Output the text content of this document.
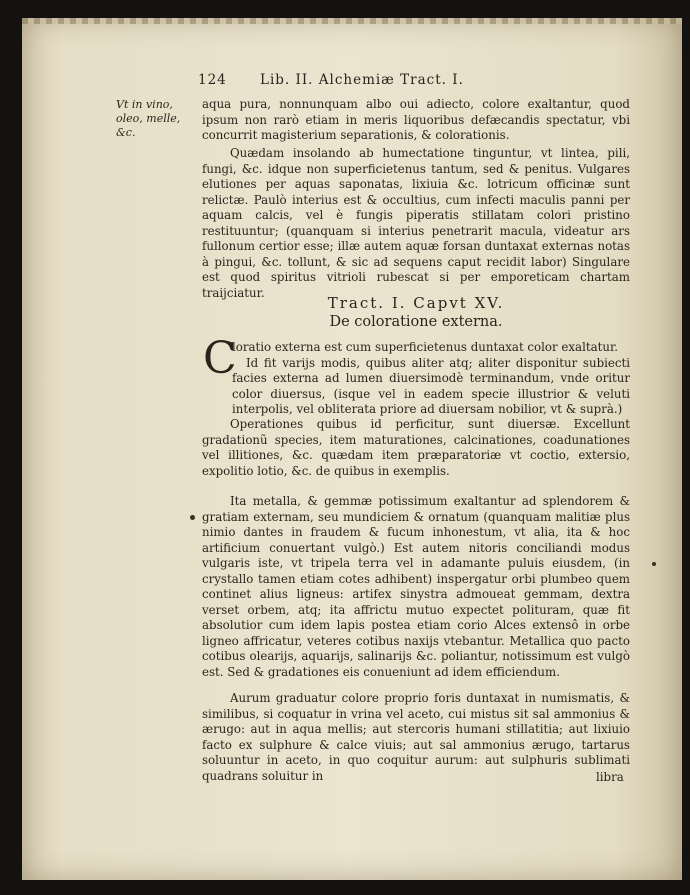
124 Lib. II. Alchemiæ Tract. I.
Vt in vino, oleo, melle, &c.

aqua pura, nonnunquam albo oui adiecto, colore exaltantur, quod ipsum non rarò etiam in meris liquoribus defæcandis spectatur, vbi concurrit magisterium separationis, & colorationis.

Quædam insolando ab humectatione tinguntur, vt lintea, pili, fungi, &c. idque non superficietenus tantum, sed & penitus. Vulgares elutiones per aquas saponatas, lixiuia &c. lotricum officinæ sunt relictæ. Paulò interius est & occultius, cum infecti maculis panni per aquam calcis, vel è fungis piperatis stillatam colori pristino restituuntur; (quanquam si interius penetrarit macula, videatur ars fullonum certior esse; illæ autem aquæ forsan duntaxat externas notas à pingui, &c. tollunt, & sic ad sequens caput recidit labor) Singulare est quod spiritus vitrioli rubescat si per emporeticam chartam traijciatur.

Tract. I. Capvt XV.
De coloratione externa.
C
loratio externa est cum superficietenus duntaxat color exaltatur.
Id fit varijs modis, quibus aliter atq; aliter disponitur subiecti facies externa ad lumen diuersimodè terminandum, vnde oritur color diuersus, (isque vel in eadem specie illustrior & veluti interpolis, vel obliterata priore ad diuersam nobilior, vt & suprà.)

Operationes quibus id perficitur, sunt diuersæ. Excellunt gradationũ species, item maturationes, calcinationes, coadunationes vel illitiones, &c. quædam item præparatoriæ vt coctio, extersio, expolitio lotio, &c. de quibus in exemplis.

Ita metalla, & gemmæ potissimum exaltantur ad splendorem & gratiam externam, seu mundiciem & ornatum (quanquam malitiæ plus nimio dantes in fraudem & fucum inhonestum, vt alia, ita & hoc artificium conuertant vulgò.) Est autem nitoris conciliandi modus vulgaris iste, vt tripela terra vel in adamante puluis eiusdem, (in crystallo tamen etiam cotes adhibent) inspergatur orbi plumbeo quem continet alius ligneus: artifex sinystra admoueat gemmam, dextra verset orbem, atq; ita affrictu mutuo expectet polituram, quæ fit absolutior cum idem lapis postea etiam corio Alces extensô in orbe ligneo affricatur, veteres cotibus naxijs vtebantur. Metallica quo pacto cotibus olearijs, aquarijs, salinarijs &c. poliantur, notissimum est vulgò est. Sed & gradationes eis conueniunt ad idem efficiendum.

Aurum graduatur colore proprio foris duntaxat in numismatis, & similibus, si coquatur in vrina vel aceto, cui mistus sit sal ammonius & ærugo: aut in aqua mellis; aut stercoris humani stillatitia; aut lixiuio facto ex sulphure & calce viuis; aut sal ammonius ærugo, tartarus soluuntur in aceto, in quo coquitur aurum: aut sulphuris sublimati quadrans soluitur in	libra
